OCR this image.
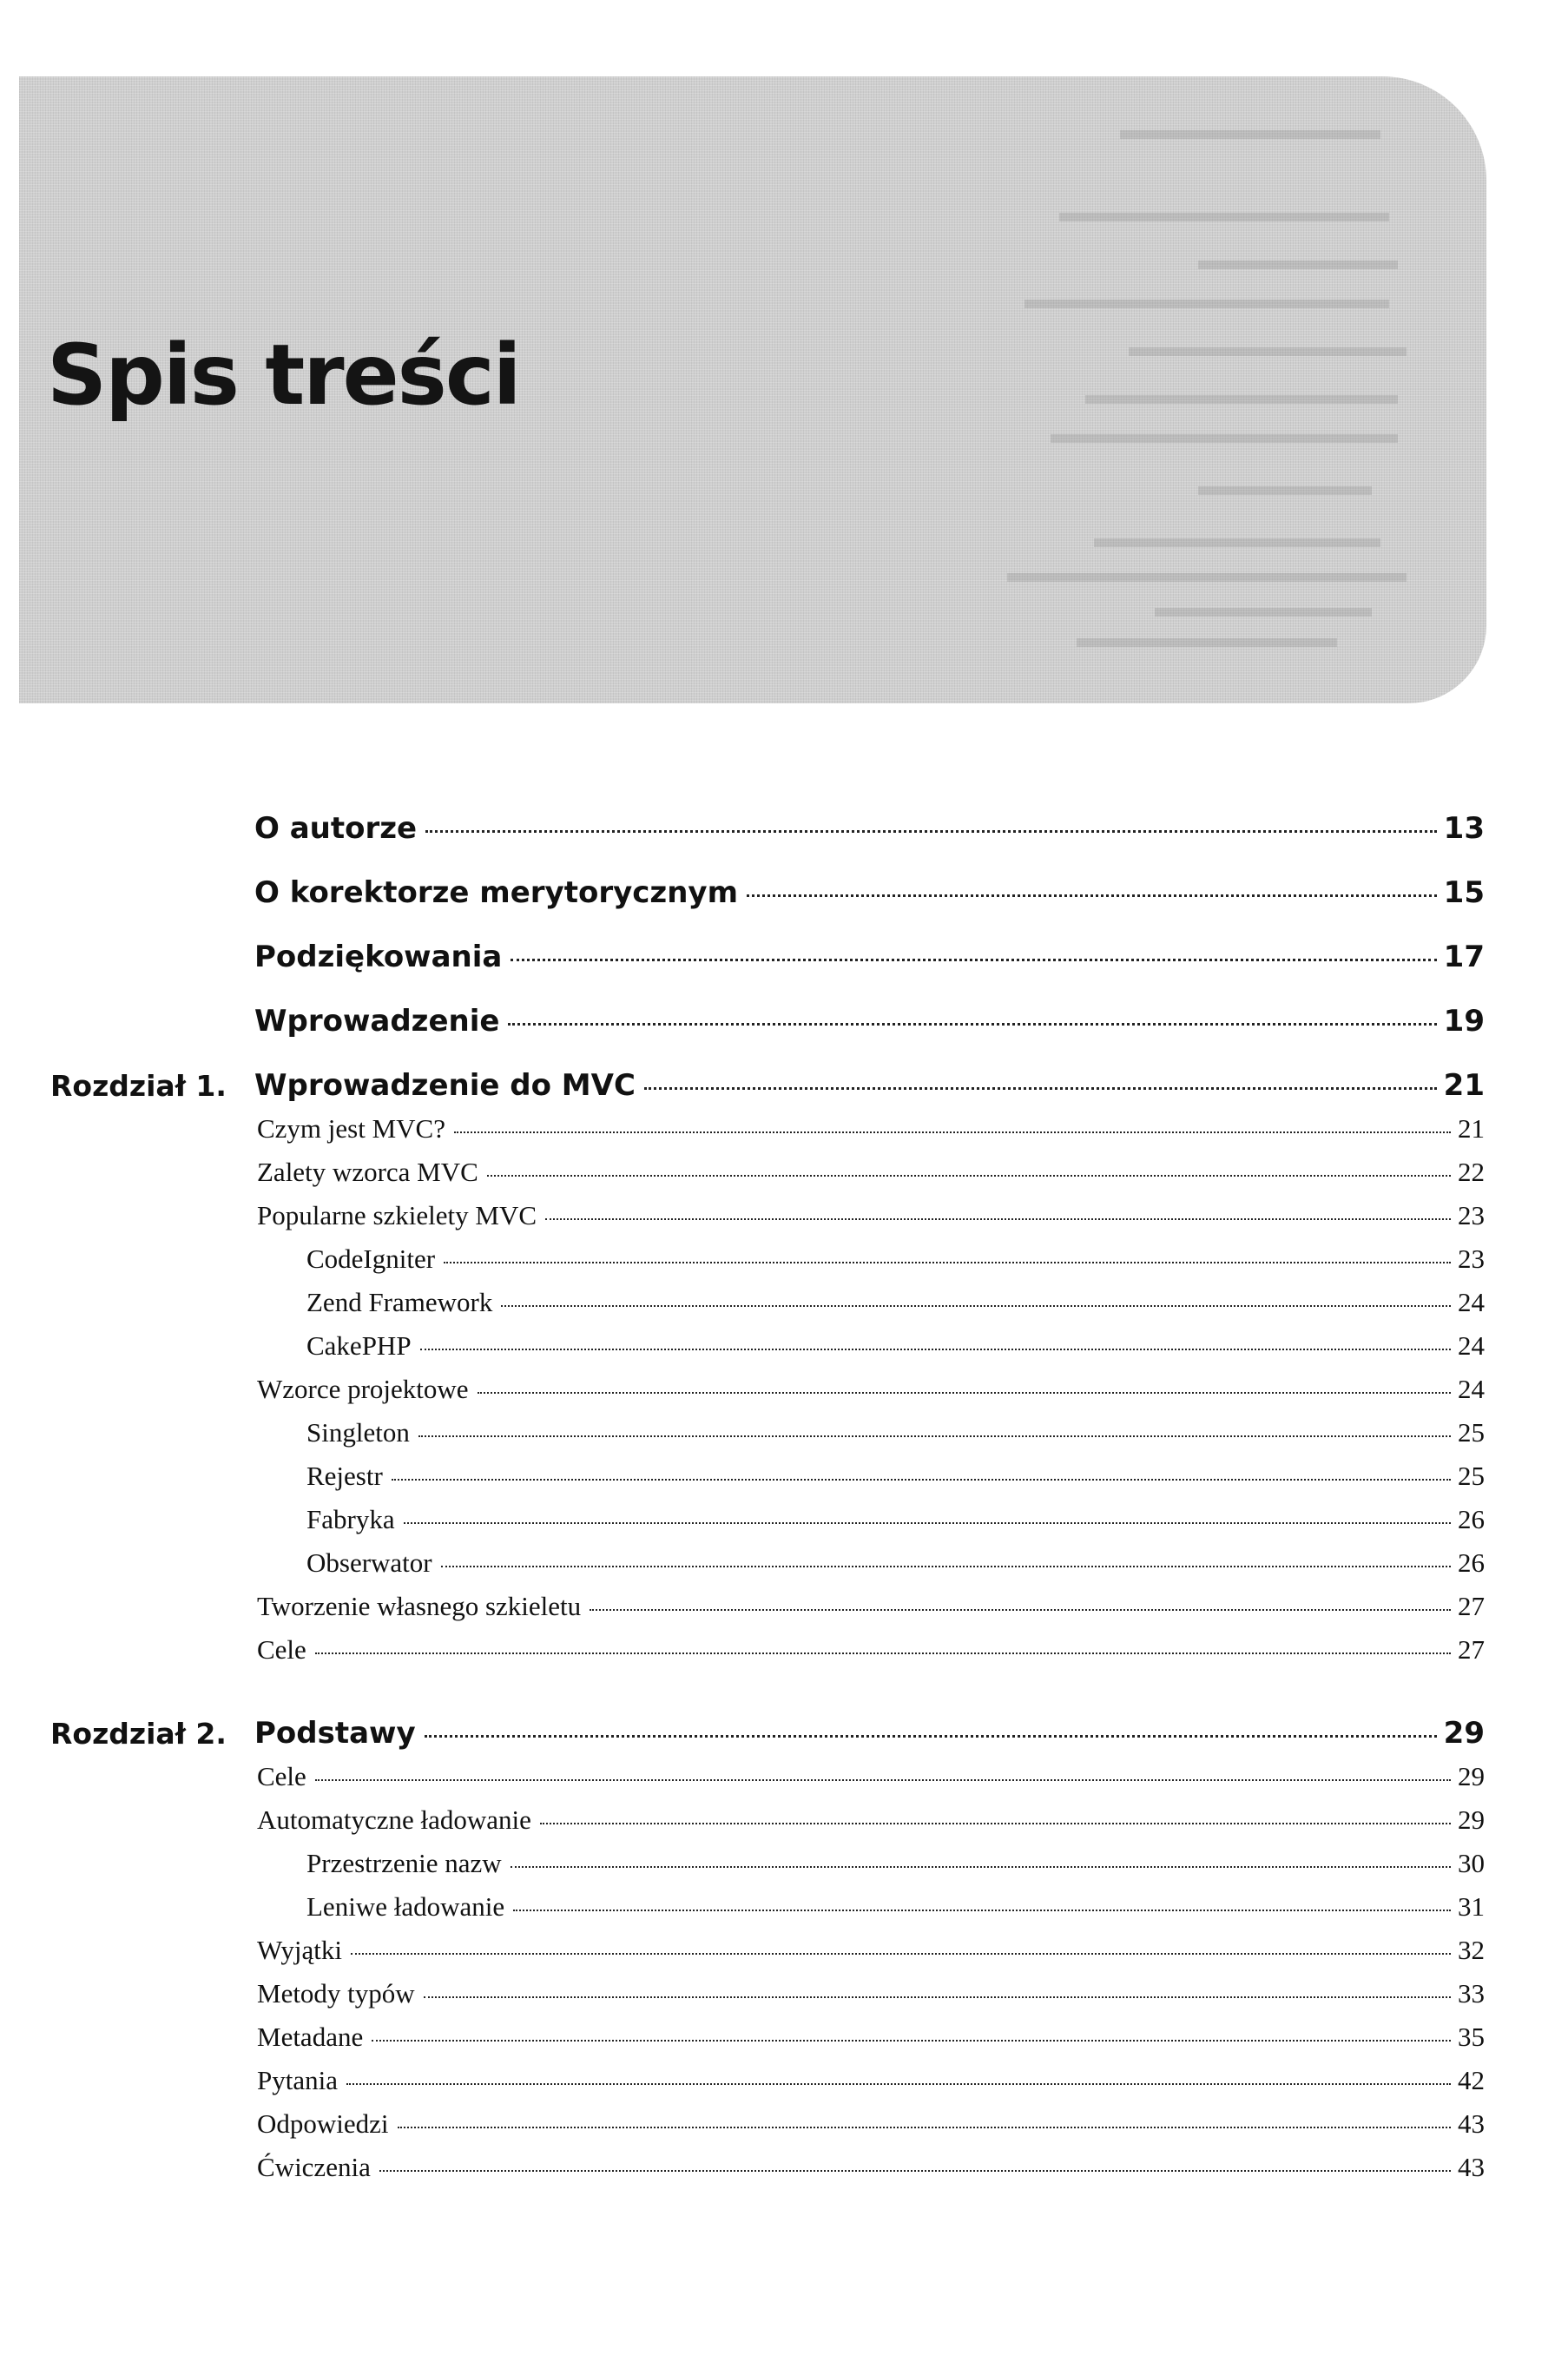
Spis treści
O autorze	13
O korektorze merytorycznym	15
Podziękowania	17
Wprowadzenie	19
Rozdział 1. Wprowadzenie do MVC	21
Czym jest MVC?	21
Zalety wzorca MVC	22
Popularne szkielety MVC	23
CodeIgniter	23
Zend Framework	24
CakePHP	24
Wzorce projektowe	24
Singleton	25
Rejestr	25
Fabryka	26
Obserwator	26
Tworzenie własnego szkieletu	27
Cele	27
Rozdział 2. Podstawy	29
Cele	29
Automatyczne ładowanie	29
Przestrzenie nazw	30
Leniwe ładowanie	31
Wyjątki	32
Metody typów	33
Metadane	35
Pytania	42
Odpowiedzi	43
Ćwiczenia	43
